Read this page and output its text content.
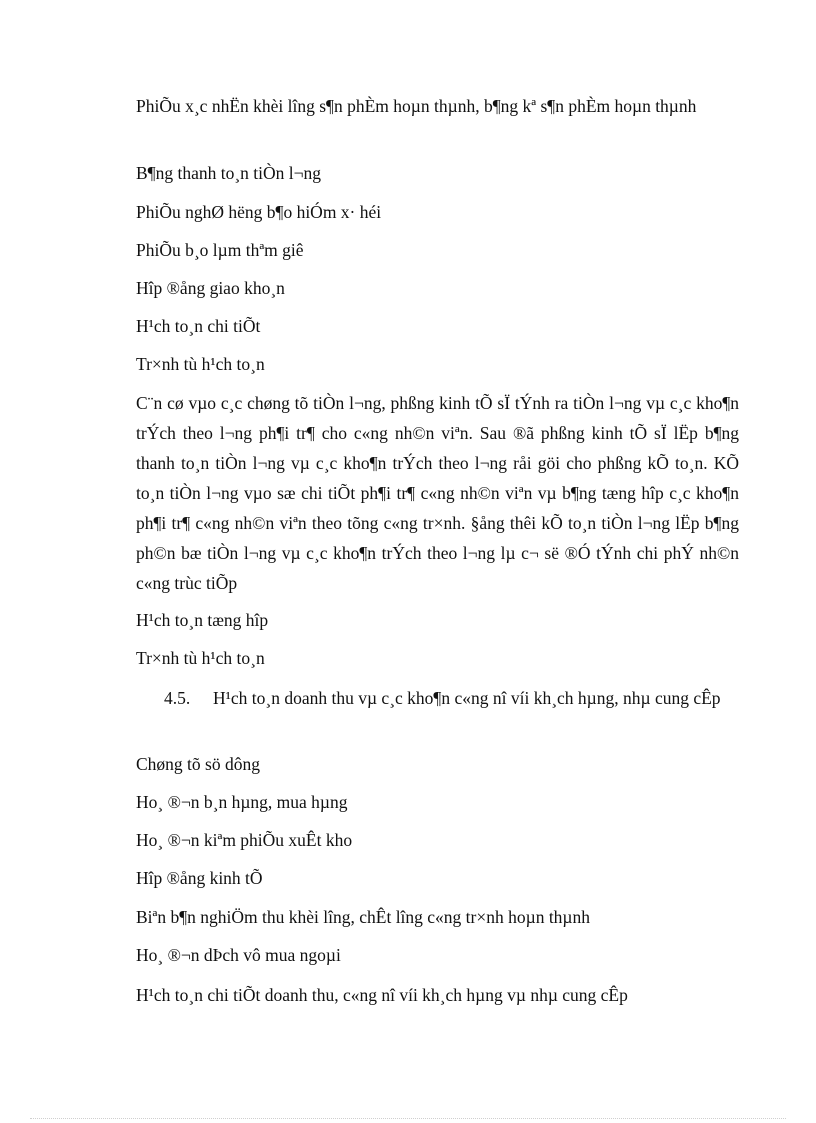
PhiÕu x¸c nhËn khèi lîng s¶n phÈm hoµn thµnh, b¶ng kª s¶n phÈm hoµn thµnh

B¶ng thanh to¸n tiÒn l¬ng

PhiÕu nghØ hëng b¶o hiÓm x· héi

PhiÕu b¸o lµm thªm giê

Hîp ®ång giao kho¸n

H¹ch to¸n chi tiÕt

Tr×nh tù h¹ch to¸n

C¨n cø vµo c¸c chøng tõ tiÒn l¬ng, phßng kinh tÕ sÏ tÝnh ra tiÒn l¬ng vµ c¸c kho¶n trÝch theo l¬ng ph¶i tr¶ cho c«ng nh©n viªn. Sau ®ã phßng kinh tÕ sÏ lËp b¶ng thanh to¸n tiÒn l¬ng vµ c¸c kho¶n trÝch theo l¬ng råi göi cho phßng kÕ to¸n. KÕ to¸n tiÒn l¬ng vµo sæ chi tiÕt ph¶i tr¶ c«ng nh©n viªn vµ b¶ng tæng hîp c¸c kho¶n ph¶i tr¶ c«ng nh©n viªn theo tõng c«ng tr×nh. §ång thêi kÕ to¸n tiÒn l¬ng lËp b¶ng ph©n bæ tiÒn l¬ng vµ c¸c kho¶n trÝch theo l¬ng lµ c¬ së ®Ó tÝnh chi phÝ nh©n c«ng trùc tiÕp

H¹ch to¸n tæng hîp

Tr×nh tù h¹ch to¸n

4.5. H¹ch to¸n doanh thu vµ c¸c kho¶n c«ng nî víi kh¸ch hµng, nhµ cung cÊp

Chøng tõ sö dông

Ho¸ ®¬n b¸n hµng, mua hµng

Ho¸ ®¬n kiªm phiÕu xuÊt kho

Hîp ®ång kinh tÕ

Biªn b¶n nghiÖm thu khèi lîng, chÊt lîng c«ng tr×nh hoµn thµnh

Ho¸ ®¬n dÞch vô mua ngoµi

H¹ch to¸n chi tiÕt doanh thu, c«ng nî víi kh¸ch hµng vµ nhµ cung cÊp
